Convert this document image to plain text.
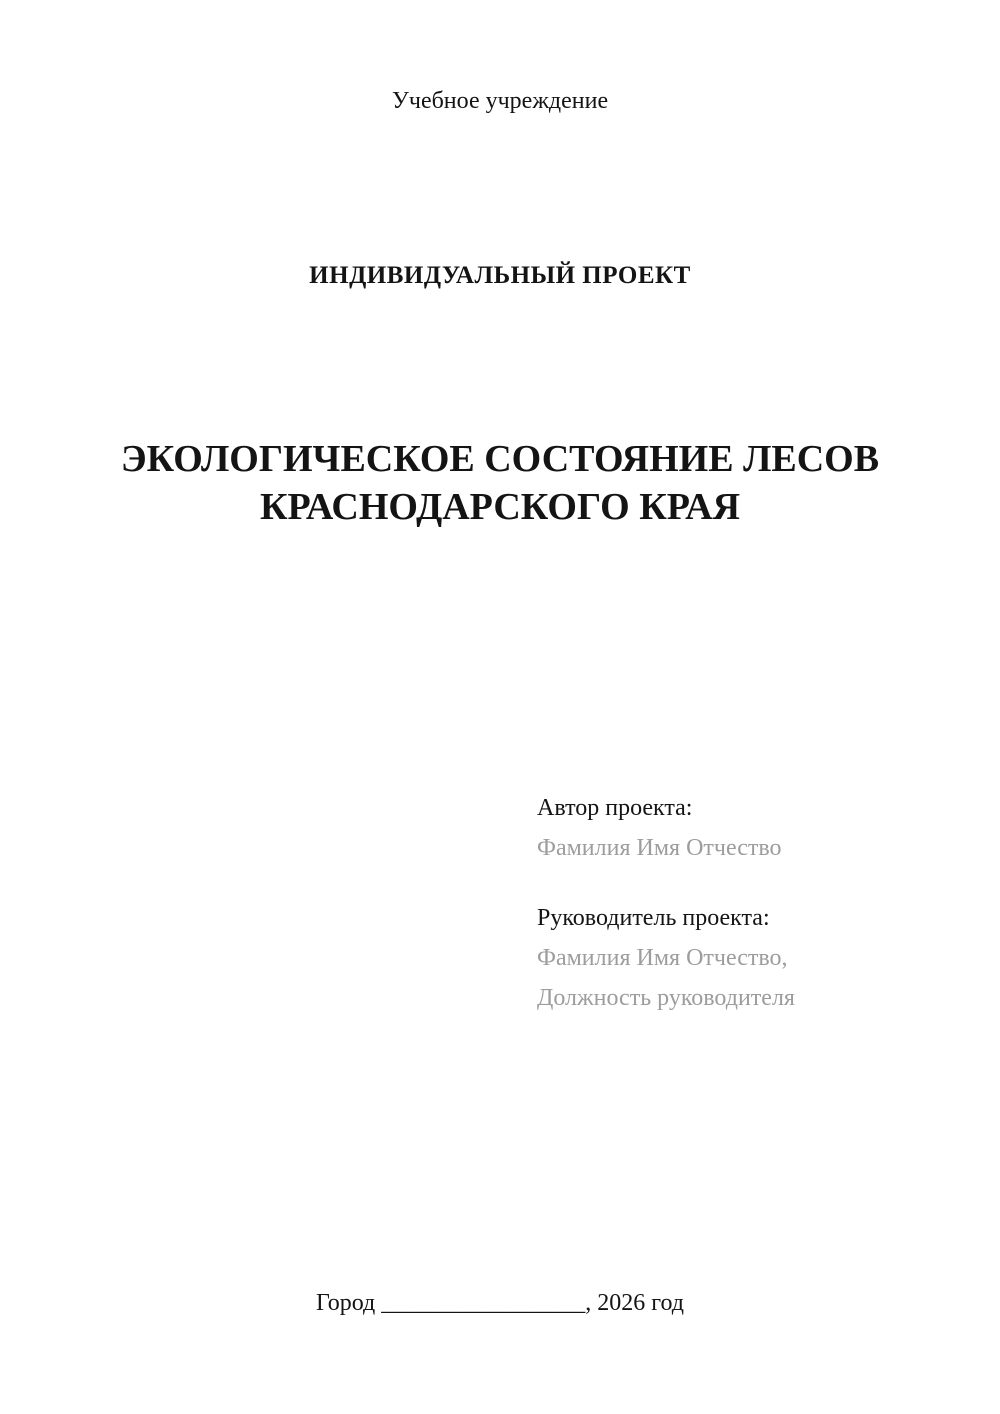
Учебное учреждение
ИНДИВИДУАЛЬНЫЙ ПРОЕКТ
ЭКОЛОГИЧЕСКОЕ СОСТОЯНИЕ ЛЕСОВ КРАСНОДАРСКОГО КРАЯ
Автор проекта:
Фамилия Имя Отчество
Руководитель проекта:
Фамилия Имя Отчество,
Должность руководителя
Город _________________, 2026 год
